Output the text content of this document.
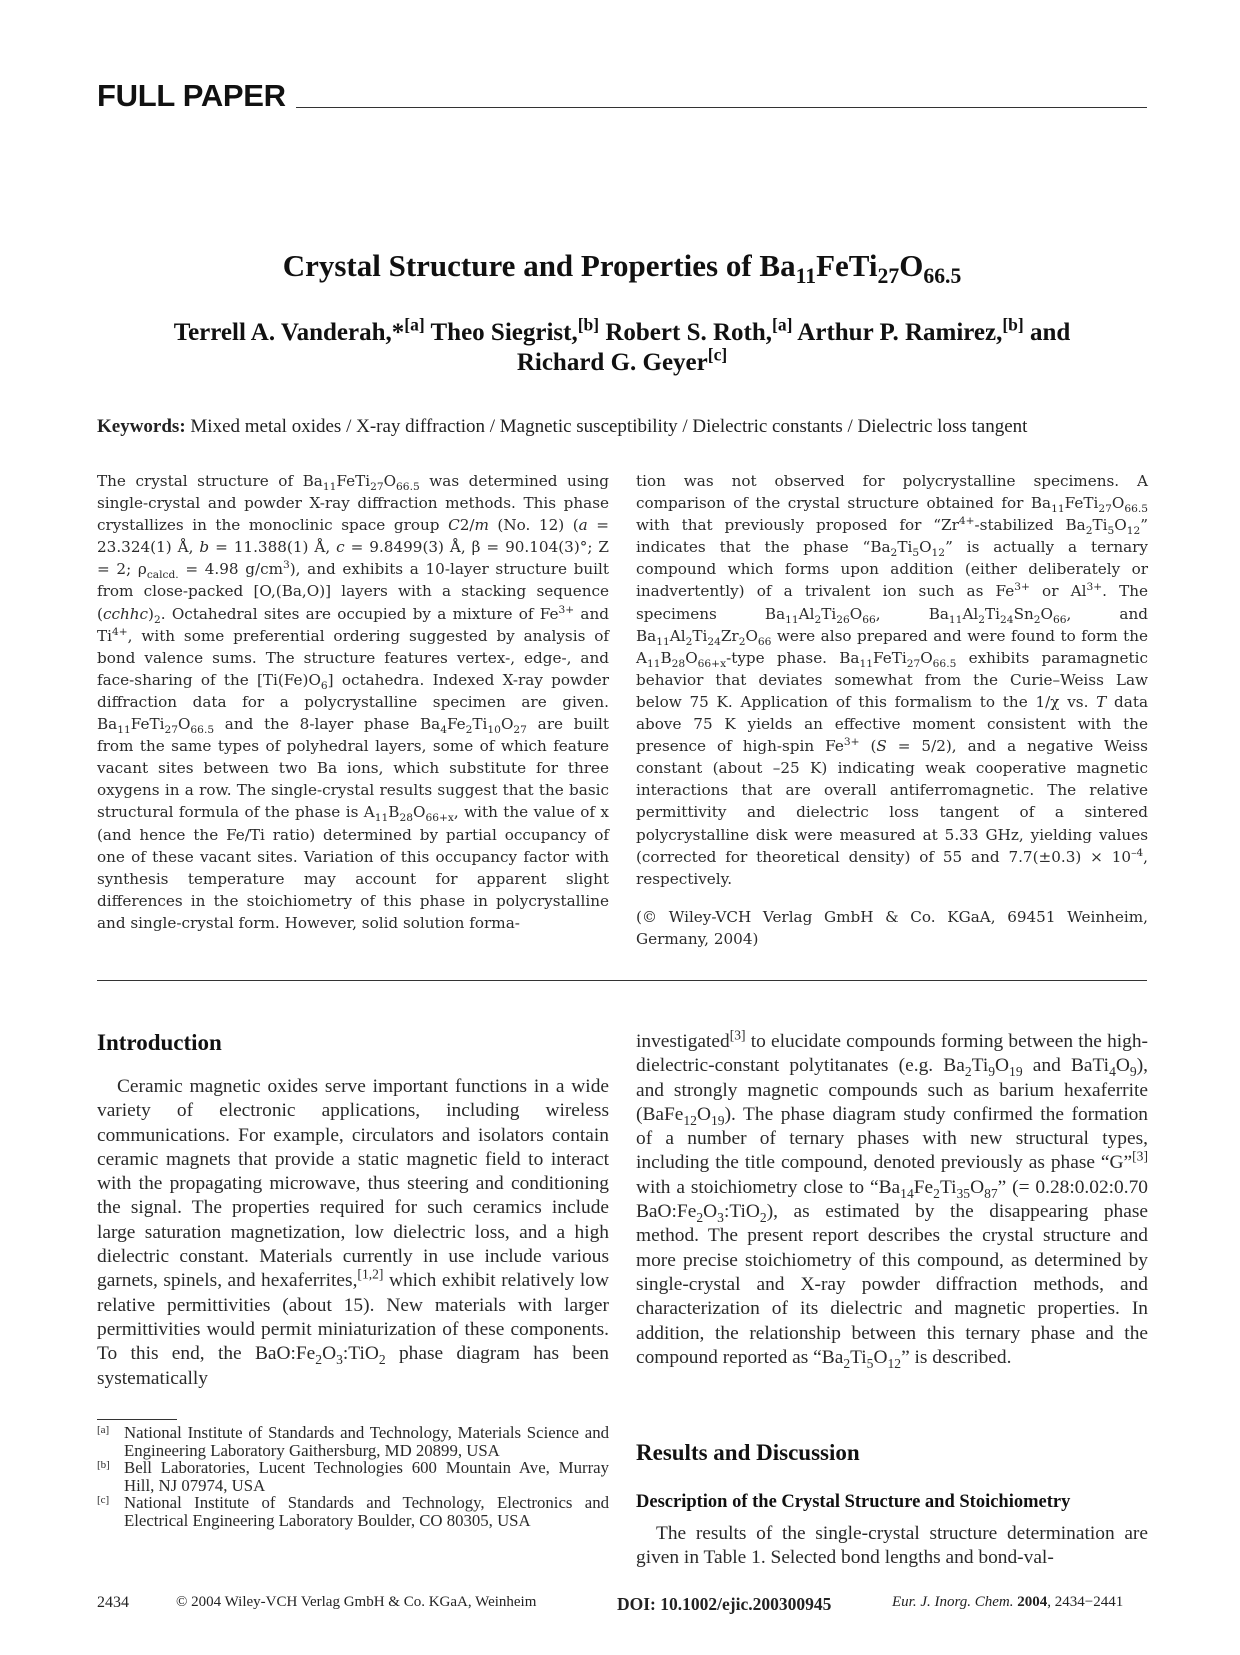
FULL PAPER
Crystal Structure and Properties of $Ba_{11}FeTi_{27}O_{66.5}$
Terrell A. Vanderah,*[a] Theo Siegrist,[b] Robert S. Roth,[a] Arthur P. Ramirez,[b] and
Richard G. Geyer[c]
Keywords: Mixed metal oxides / X-ray diffraction / Magnetic susceptibility / Dielectric constants / Dielectric loss tangent
The crystal structure of $Ba_{11}FeTi_{27}O_{66.5}$ was determined using single-crystal and powder X-ray diffraction methods. This phase crystallizes in the monoclinic space group C2/m (No. 12) (a = 23.324(1) Å, b = 11.388(1) Å, c = 9.8499(3) Å, β = 90.104(3)°; Z = 2; $\rho_{calcd.} = 4.98$ $g/cm^3$), and exhibits a 10-layer structure built from close-packed [O,(Ba,O)] layers with a stacking sequence $(cchhc)_2$. Octahedral sites are occupied by a mixture of $Fe^{3+}$ and $Ti^{4+}$, with some preferential ordering suggested by analysis of bond valence sums. The structure features vertex-, edge-, and face-sharing of the $[Ti(Fe)O_6]$ octahedra. Indexed X-ray powder diffraction data for a polycrystalline specimen are given. $Ba_{11}FeTi_{27}O_{66.5}$ and the 8-layer phase $Ba_4Fe_2Ti_{10}O_{27}$ are built from the same types of polyhedral layers, some of which feature vacant sites between two Ba ions, which substitute for three oxygens in a row. The single-crystal results suggest that the basic structural formula of the phase is $A_{11}B_{28}O_{66+x}$, with the value of x (and hence the Fe/Ti ratio) determined by partial occupancy of one of these vacant sites. Variation of this occupancy factor with synthesis temperature may account for apparent slight differences in the stoichiometry of this phase in polycrystalline and single-crystal form. However, solid solution forma-
tion was not observed for polycrystalline specimens. A comparison of the crystal structure obtained for $Ba_{11}FeTi_{27}O_{66.5}$ with that previously proposed for “$Zr^{4+}$-stabilized $Ba_2Ti_5O_{12}$” indicates that the phase “$Ba_2Ti_5O_{12}$” is actually a ternary compound which forms upon addition (either deliberately or inadvertently) of a trivalent ion such as $Fe^{3+}$ or $Al^{3+}$. The specimens $Ba_{11}Al_2Ti_{26}O_{66}$, $Ba_{11}Al_2Ti_{24}Sn_2O_{66}$, and $Ba_{11}Al_2Ti_{24}Zr_2O_{66}$ were also prepared and were found to form the $A_{11}B_{28}O_{66+x}$-type phase. $Ba_{11}FeTi_{27}O_{66.5}$ exhibits paramagnetic behavior that deviates somewhat from the Curie–Weiss Law below 75 K. Application of this formalism to the 1/χ vs. T data above 75 K yields an effective moment consistent with the presence of high-spin $Fe^{3+}$ (S = 5/2), and a negative Weiss constant (about –25 K) indicating weak cooperative magnetic interactions that are overall antiferromagnetic. The relative permittivity and dielectric loss tangent of a sintered polycrystalline disk were measured at 5.33 GHz, yielding values (corrected for theoretical density) of 55 and $7.7(\pm 0.3) \times 10^{-4}$, respectively.
(© Wiley-VCH Verlag GmbH & Co. KGaA, 69451 Weinheim, Germany, 2004)
Introduction
Ceramic magnetic oxides serve important functions in a wide variety of electronic applications, including wireless communications. For example, circulators and isolators contain ceramic magnets that provide a static magnetic field to interact with the propagating microwave, thus steering and conditioning the signal. The properties required for such ceramics include large saturation magnetization, low dielectric loss, and a high dielectric constant. Materials currently in use include various garnets, spinels, and hexaferrites,[1,2] which exhibit relatively low relative permittivities (about 15). New materials with larger permittivities would permit miniaturization of these components. To this end, the $BaO:Fe_2O_3:TiO_2$ phase diagram has been systematically
investigated[3] to elucidate compounds forming between the high-dielectric-constant polytitanates (e.g. $Ba_2Ti_9O_{19}$ and $BaTi_4O_9$), and strongly magnetic compounds such as barium hexaferrite $(BaFe_{12}O_{19})$. The phase diagram study confirmed the formation of a number of ternary phases with new structural types, including the title compound, denoted previously as phase “G”[3] with a stoichiometry close to “$Ba_{14}Fe_2Ti_{35}O_{87}$” (= 0.28:0.02:0.70 $BaO:Fe_2O_3:TiO_2$), as estimated by the disappearing phase method. The present report describes the crystal structure and more precise stoichiometry of this compound, as determined by single-crystal and X-ray powder diffraction methods, and characterization of its dielectric and magnetic properties. In addition, the relationship between this ternary phase and the compound reported as “$Ba_2Ti_5O_{12}$” is described.
Results and Discussion
Description of the Crystal Structure and Stoichiometry
The results of the single-crystal structure determination are given in Table 1. Selected bond lengths and bond-val-
[a] National Institute of Standards and Technology, Materials Science and Engineering Laboratory Gaithersburg, MD 20899, USA
[b] Bell Laboratories, Lucent Technologies 600 Mountain Ave, Murray Hill, NJ 07974, USA
[c] National Institute of Standards and Technology, Electronics and Electrical Engineering Laboratory Boulder, CO 80305, USA
2434	© 2004 Wiley-VCH Verlag GmbH & Co. KGaA, Weinheim	DOI: 10.1002/ejic.200300945	Eur. J. Inorg. Chem. 2004, 2434−2441
